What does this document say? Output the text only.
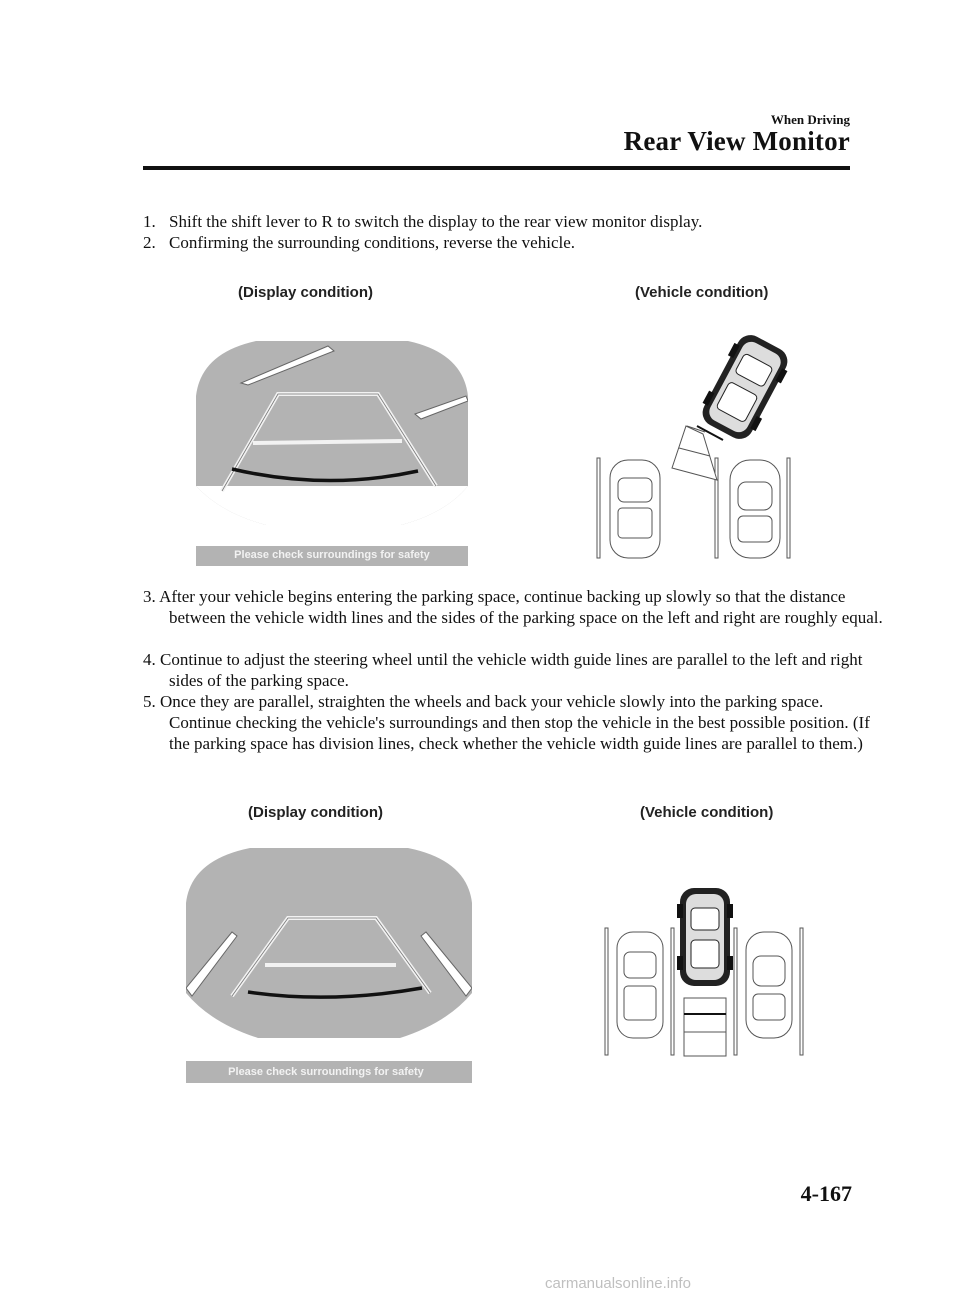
When Driving
Rear View Monitor
1. Shift the shift lever to R to switch the display to the rear view monitor display.
2. Confirming the surrounding conditions, reverse the vehicle.
(Display condition)	(Vehicle condition)
Please check surroundings for safety
3. After your vehicle begins entering the parking space, continue backing up slowly so that the distance between the vehicle width lines and the sides of the parking space on the left and right are roughly equal.
4. Continue to adjust the steering wheel until the vehicle width guide lines are parallel to the left and right sides of the parking space.
5. Once they are parallel, straighten the wheels and back your vehicle slowly into the parking space. Continue checking the vehicle's surroundings and then stop the vehicle in the best possible position. (If the parking space has division lines, check whether the vehicle width guide lines are parallel to them.)
(Display condition)	(Vehicle condition)
Please check surroundings for safety
4-167
carmanualsonline.info
